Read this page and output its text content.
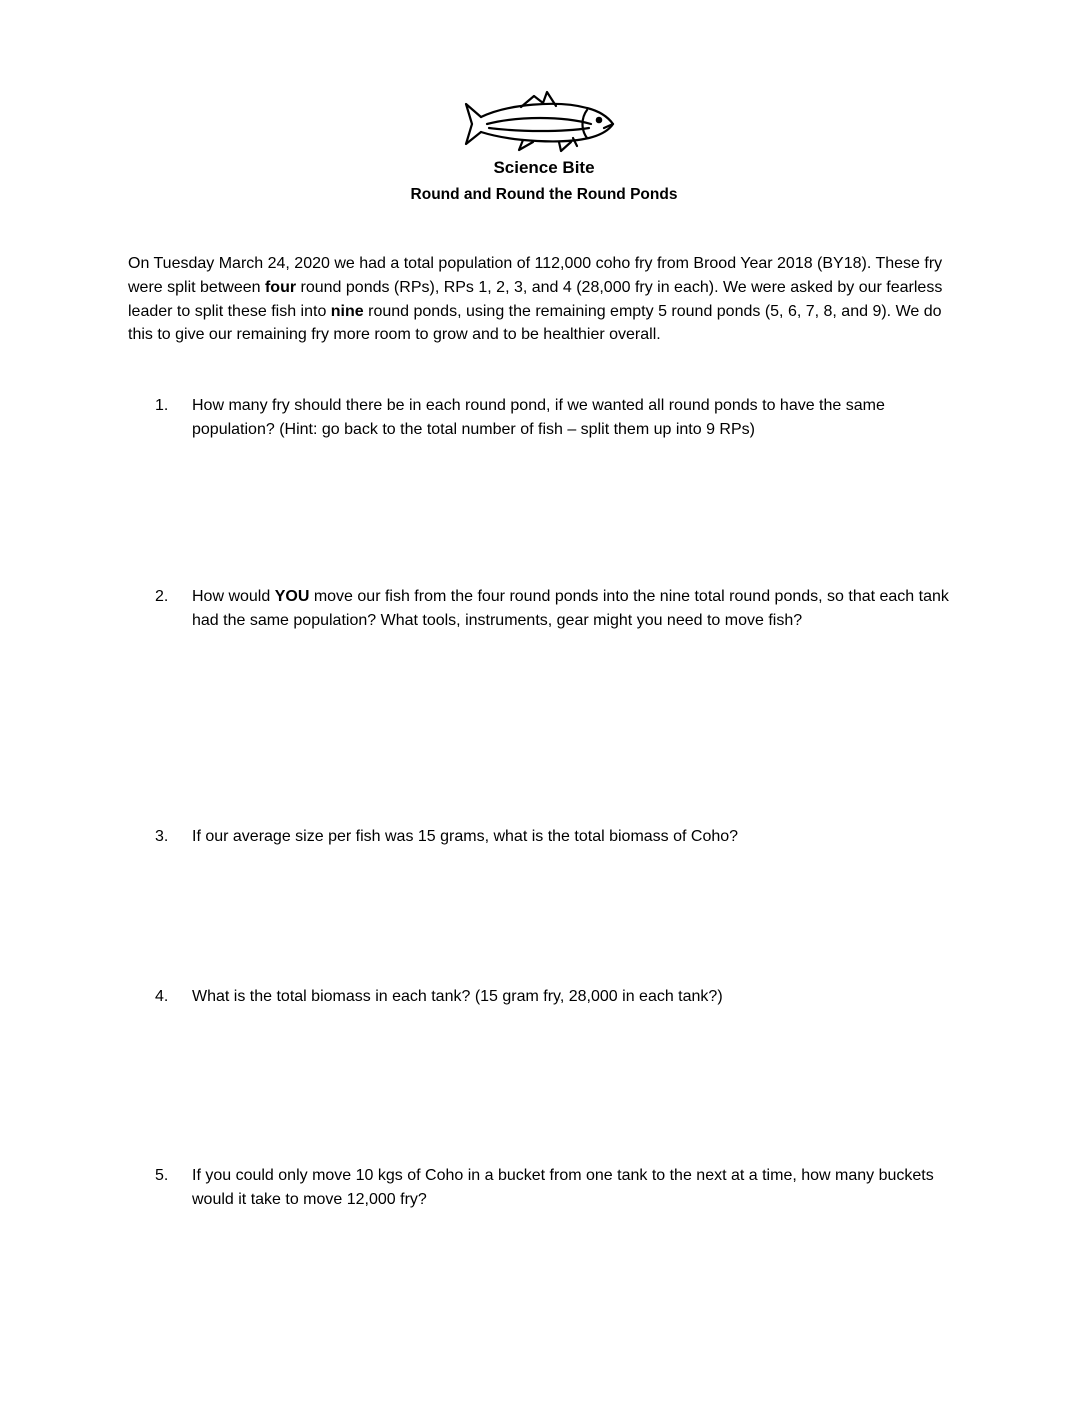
Science Bite

Round and Round the Round Ponds

On Tuesday March 24, 2020 we had a total population of 112,000 coho fry from Brood Year 2018 (BY18). These fry were split between four round ponds (RPs), RPs 1, 2, 3, and 4 (28,000 fry in each). We were asked by our fearless leader to split these fish into nine round ponds, using the remaining empty 5 round ponds (5, 6, 7, 8, and 9). We do this to give our remaining fry more room to grow and to be healthier overall.

1.	How many fry should there be in each round pond, if we wanted all round ponds to have the same population? (Hint: go back to the total number of fish – split them up into 9 RPs)
2.	How would YOU move our fish from the four round ponds into the nine total round ponds, so that each tank had the same population? What tools, instruments, gear might you need to move fish?
3.	If our average size per fish was 15 grams, what is the total biomass of Coho?
4.	What is the total biomass in each tank? (15 gram fry, 28,000 in each tank?)
5.	If you could only move 10 kgs of Coho in a bucket from one tank to the next at a time, how many buckets would it take to move 12,000 fry?
